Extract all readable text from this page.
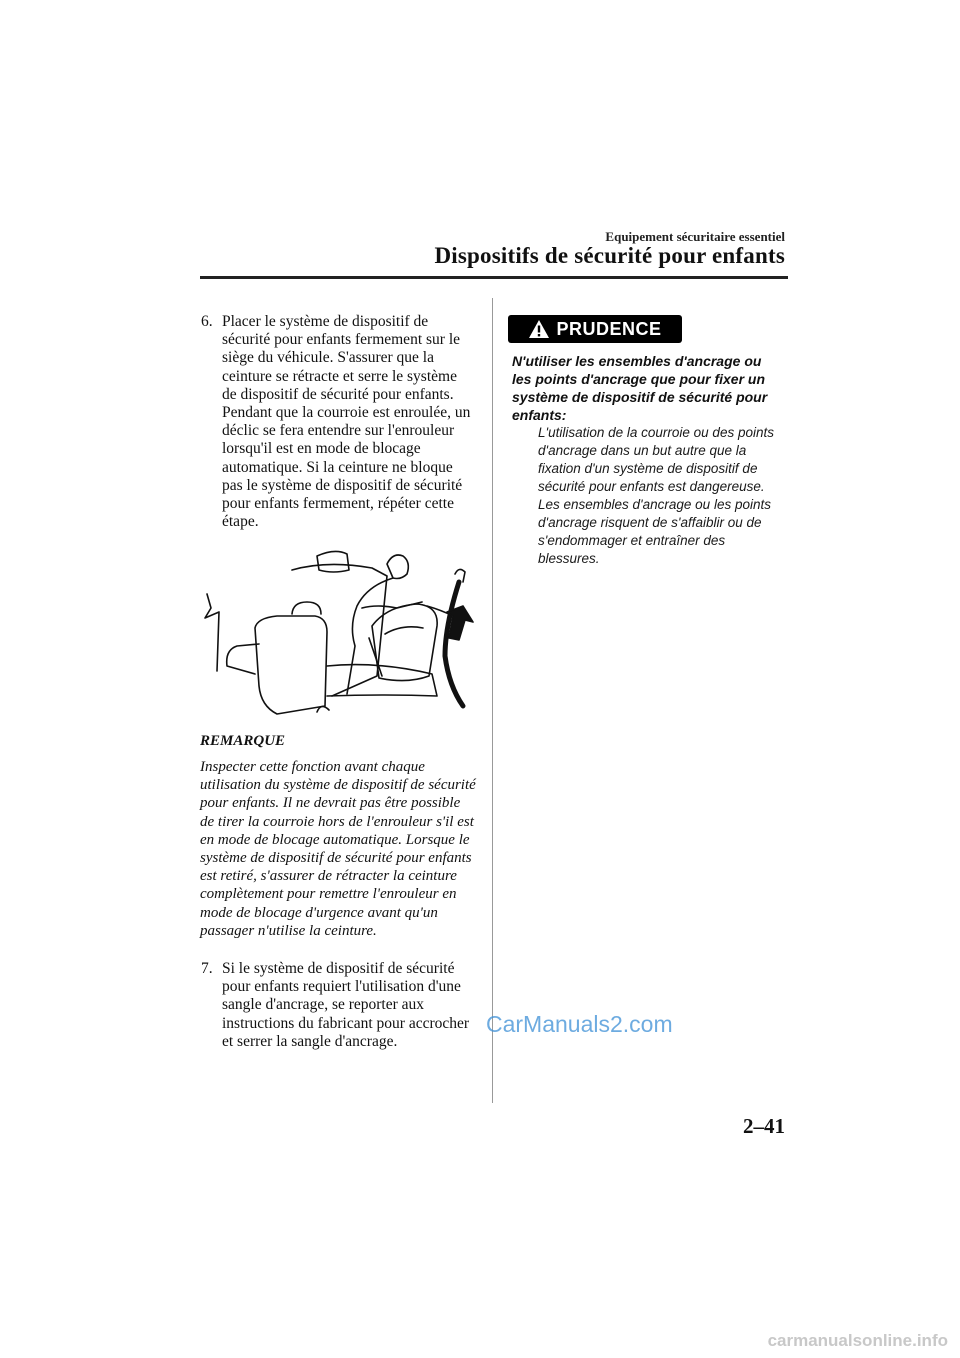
Equipement sécuritaire essentiel
Dispositifs de sécurité pour enfants
6. Placer le système de dispositif de sécurité pour enfants fermement sur le siège du véhicule. S'assurer que la ceinture se rétracte et serre le système de dispositif de sécurité pour enfants. Pendant que la courroie est enroulée, un déclic se fera entendre sur l'enrouleur lorsqu'il est en mode de blocage automatique. Si la ceinture ne bloque pas le système de dispositif de sécurité pour enfants fermement, répéter cette étape.
REMARQUE
Inspecter cette fonction avant chaque utilisation du système de dispositif de sécurité pour enfants. Il ne devrait pas être possible de tirer la courroie hors de l'enrouleur s'il est en mode de blocage automatique. Lorsque le système de dispositif de sécurité pour enfants est retiré, s'assurer de rétracter la ceinture complètement pour remettre l'enrouleur en mode de blocage d'urgence avant qu'un passager n'utilise la ceinture.
7. Si le système de dispositif de sécurité pour enfants requiert l'utilisation d'une sangle d'ancrage, se reporter aux instructions du fabricant pour accrocher et serrer la sangle d'ancrage.
PRUDENCE
N'utiliser les ensembles d'ancrage ou les points d'ancrage que pour fixer un système de dispositif de sécurité pour enfants:
L'utilisation de la courroie ou des points d'ancrage dans un but autre que la fixation d'un système de dispositif de sécurité pour enfants est dangereuse. Les ensembles d'ancrage ou les points d'ancrage risquent de s'affaiblir ou de s'endommager et entraîner des blessures.
CarManuals2.com
2–41
carmanualsonline.info
